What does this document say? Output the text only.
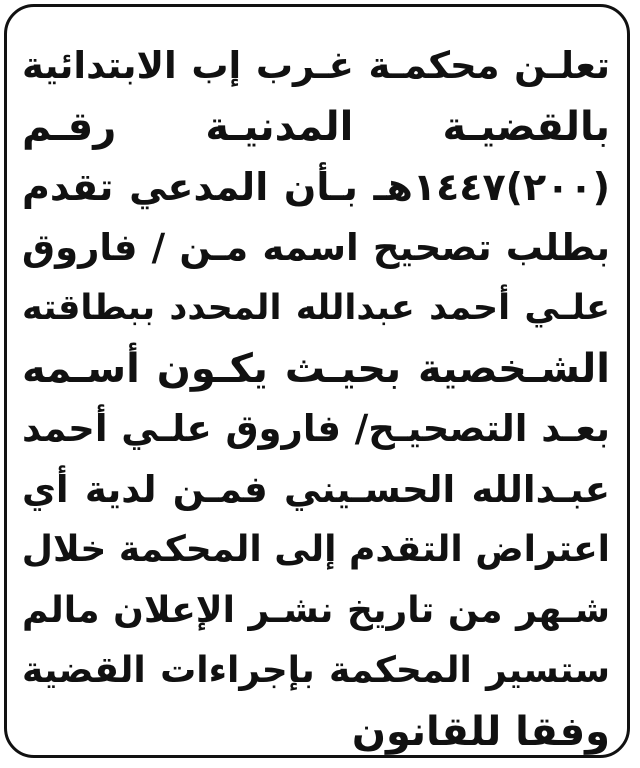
تعلـن محكمـة غـرب إب الابتدائية
بالقضيـة المدنيـة رقـم
(٢٠٠)١٤٤٧هـ بـأن المدعي تقدم
بطلب تصحيح اسمه مـن / فاروق
علـي أحمد عبدالله المحدد ببطاقته
الشـخصية بحيـث يكـون أسـمه
بعـد التصحيـح/ فاروق علـي أحمد
عبـدالله الحسـيني فمـن لدية أي
اعتراض التقدم إلى المحكمة خلال
شـهر من تاريخ نشـر الإعلان مالم
ستسير المحكمة بإجراءات القضية
وفقا للقانون
